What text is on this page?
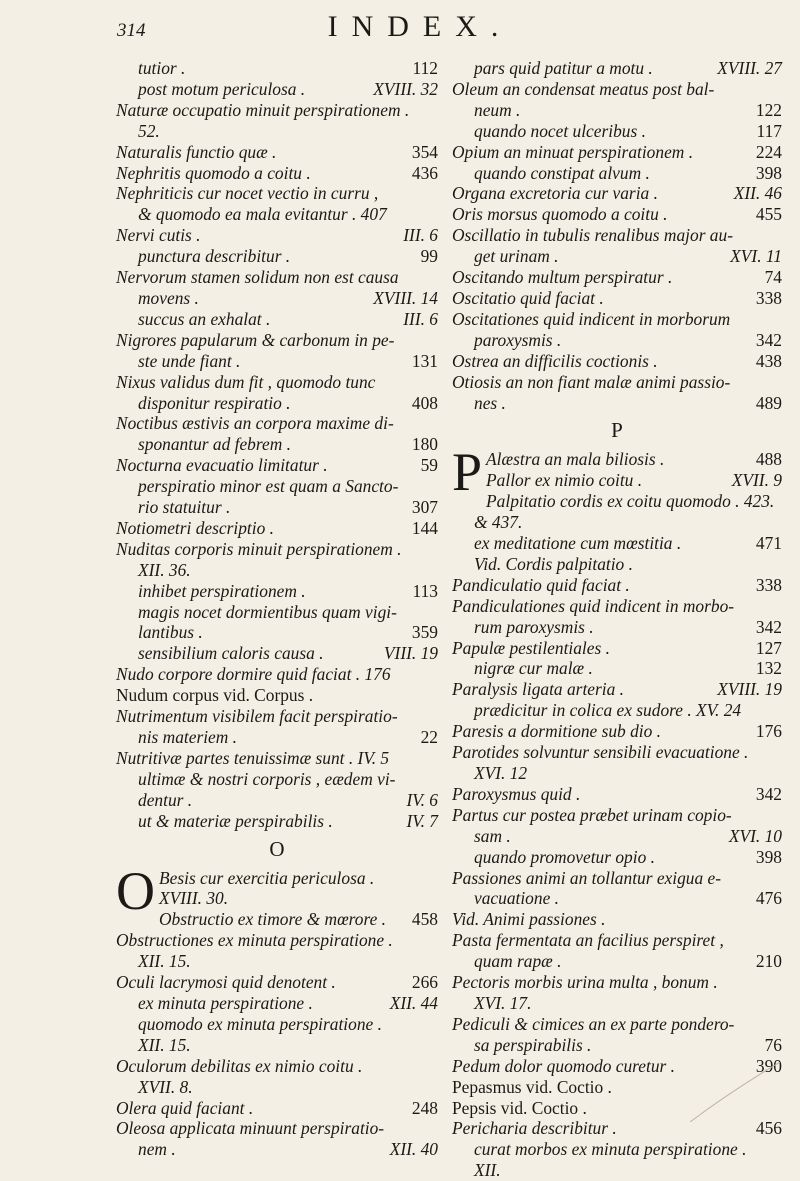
314	INDEX.
tutior .	112
post motum periculosa .	XVIII. 32
Naturæ occupatio minuit perspirationem .
52.
Naturalis functio quæ .	354
Nephritis quomodo a coitu .	436
Nephriticis cur nocet vectio in curru ,
& quomodo ea mala evitantur . 407
Nervi cutis .	III. 6
punctura describitur .	99
Nervorum stamen solidum non est causa
movens .	XVIII. 14
succus an exhalat .	III. 6
Nigrores papularum & carbonum in pe-
ste unde fiant .	131
Nixus validus dum fit , quomodo tunc
disponitur respiratio .	408
Noctibus æstivis an corpora maxime di-
sponantur ad febrem .	180
Nocturna evacuatio limitatur .	59
perspiratio minor est quam a Sancto-
rio statuitur .	307
Notiometri descriptio .	144
Nuditas corporis minuit perspirationem .
XII. 36.
inhibet perspirationem .	113
magis nocet dormientibus quam vigi-
lantibus .	359
sensibilium caloris causa .	VIII. 19
Nudo corpore dormire quid faciat . 176
Nudum corpus vid. Corpus .
Nutrimentum visibilem facit perspiratio-
nis materiem .	22
Nutritivæ partes tenuissimæ sunt . IV. 5
ultimæ & nostri corporis , eædem vi-
dentur .	IV. 6
ut & materiæ perspirabilis .	IV. 7
O
O Besis cur exercitia periculosa .
XVIII. 30.
Obstructio ex timore & mœrore .	458
Obstructiones ex minuta perspiratione .
XII. 15.
Oculi lacrymosi quid denotent .	266
ex minuta perspiratione .	XII. 44
quomodo ex minuta perspiratione .
XII. 15.
Oculorum debilitas ex nimio coitu .
XVII. 8.
Olera quid faciant .	248
Oleosa applicata minuunt perspiratio-
nem .	XII. 40
pars quid patitur a motu .	XVIII. 27
Oleum an condensat meatus post bal-
neum .	122
quando nocet ulceribus .	117
Opium an minuat perspirationem .	224
quando constipat alvum .	398
Organa excretoria cur varia .	XII. 46
Oris morsus quomodo a coitu .	455
Oscillatio in tubulis renalibus major au-
get urinam .	XVI. 11
Oscitando multum perspiratur .	74
Oscitatio quid faciat .	338
Oscitationes quid indicent in morborum
paroxysmis .	342
Ostrea an difficilis coctionis .	438
Otiosis an non fiant malæ animi passio-
nes .	489
P
P Alæstra an mala biliosis .	488
Pallor ex nimio coitu .	XVII. 9
Palpitatio cordis ex coitu quomodo . 423.
& 437.
ex meditatione cum mœstitia .	471
Vid. Cordis palpitatio .
Pandiculatio quid faciat .	338
Pandiculationes quid indicent in morbo-
rum paroxysmis .	342
Papulæ pestilentiales .	127
nigræ cur malæ .	132
Paralysis ligata arteria .	XVIII. 19
prædicitur in colica ex sudore . XV. 24
Paresis a dormitione sub dio .	176
Parotides solvuntur sensibili evacuatione .
XVI. 12
Paroxysmus quid .	342
Partus cur postea præbet urinam copio-
sam .	XVI. 10
quando promovetur opio .	398
Passiones animi an tollantur exigua e-
vacuatione .	476
Vid. Animi passiones .
Pasta fermentata an facilius perspiret ,
quam rapæ .	210
Pectoris morbis urina multa , bonum .
XVI. 17.
Pediculi & cimices an ex parte pondero-
sa perspirabilis .	76
Pedum dolor quomodo curetur .	390
Pepasmus vid. Coctio .
Pepsis vid. Coctio .
Pericharia describitur .	456
curat morbos ex minuta perspiratione .
XII.
